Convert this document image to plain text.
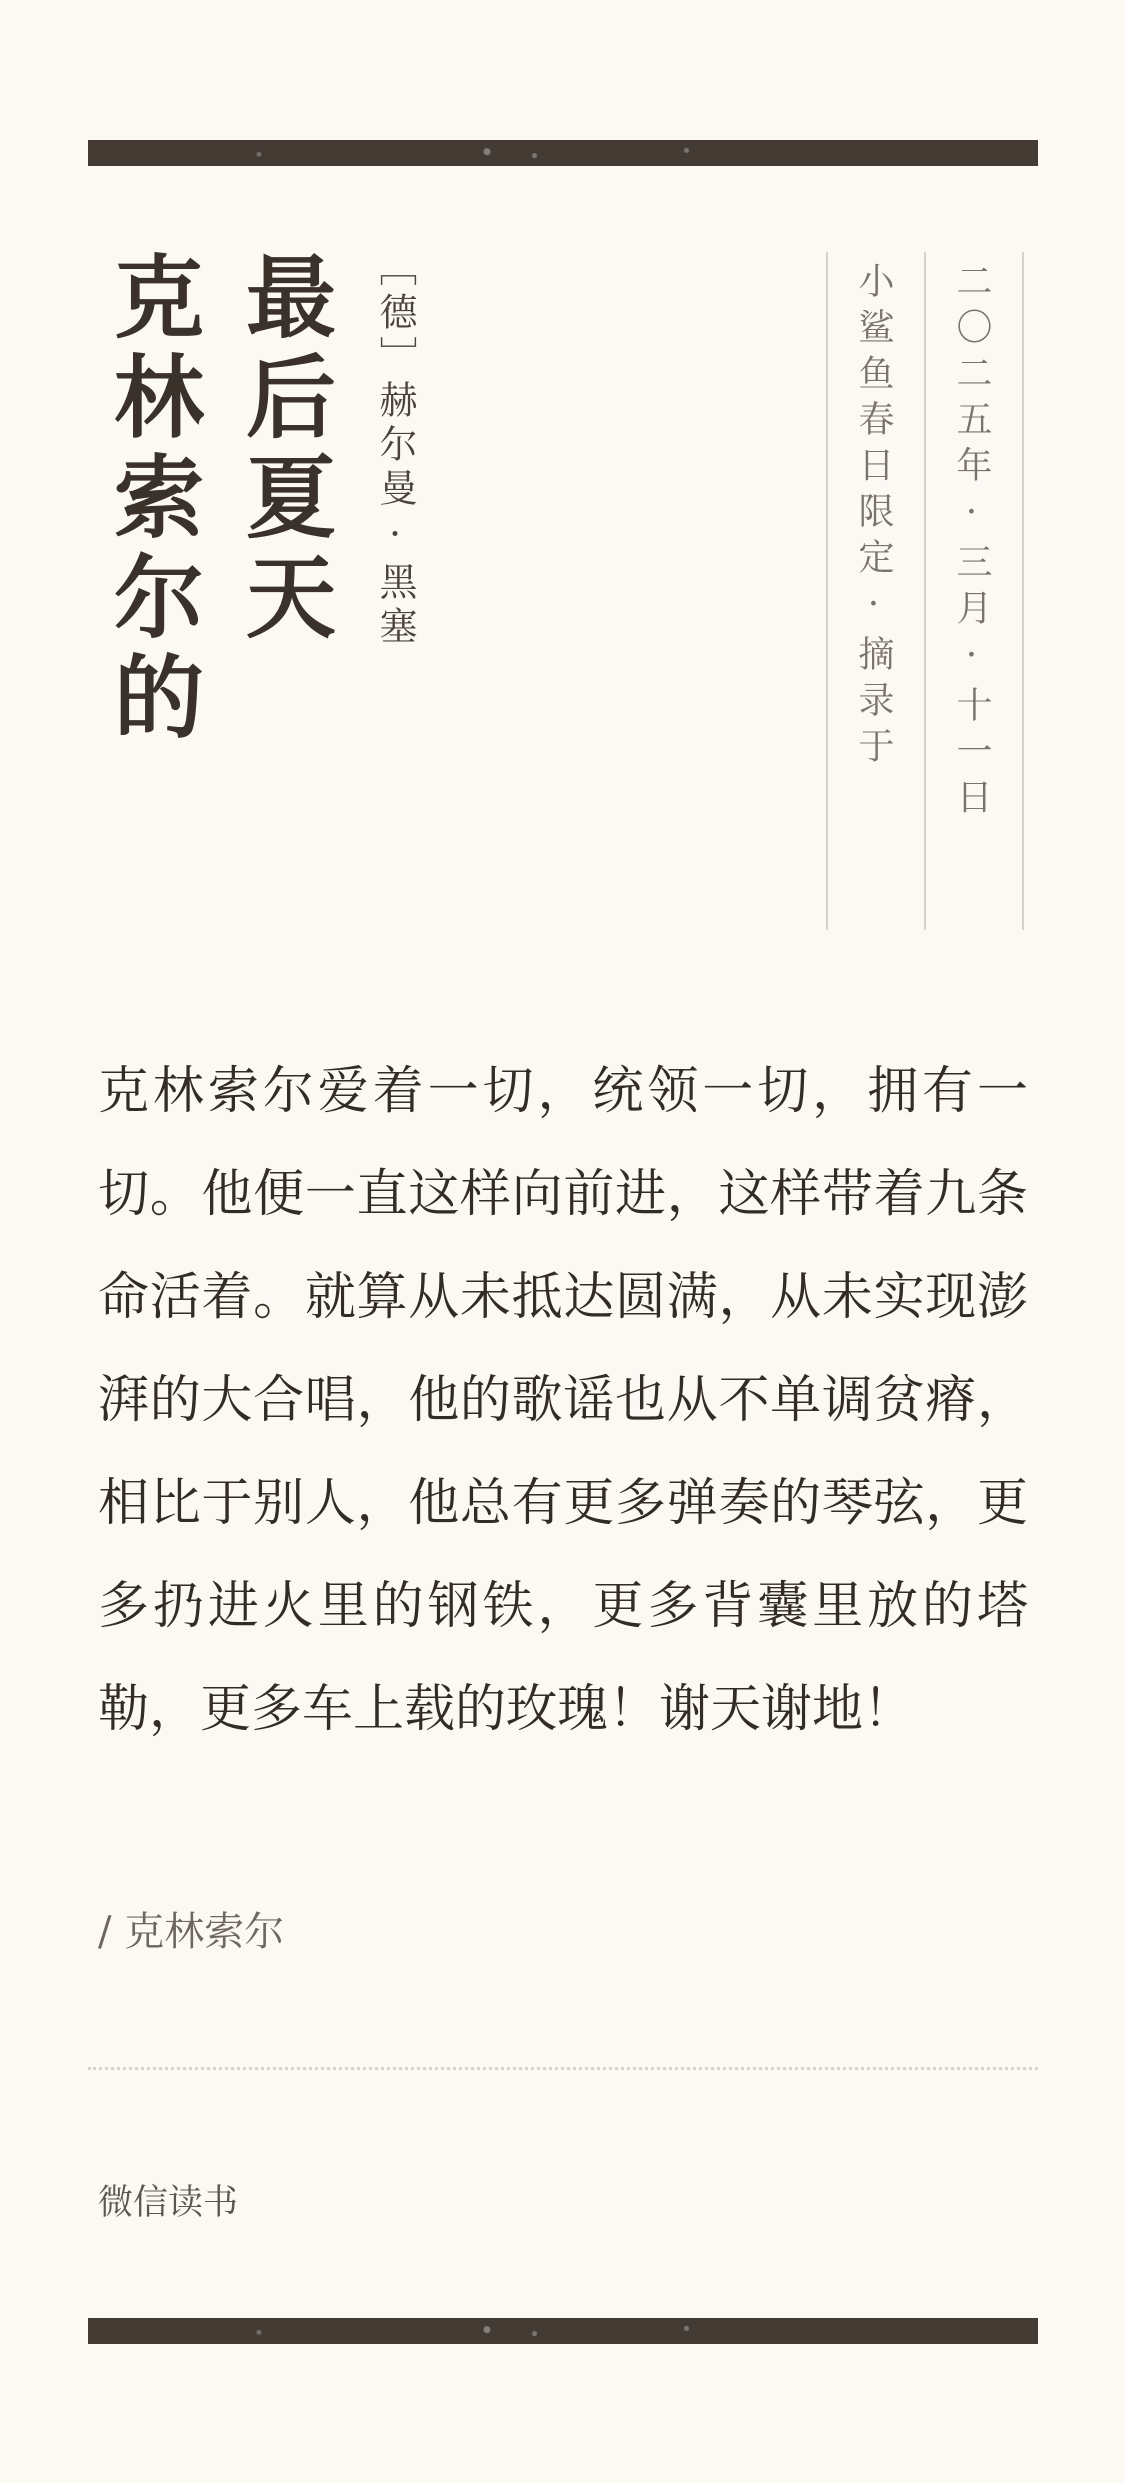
克林索尔的 最后夏天 ［德］赫尔曼·黑塞	二〇二五年·三月·十一日
小鲨鱼春日限定·摘录于

克林索尔爱着一切，统领一切，拥有一切。他便一直这样向前进，这样带着九条命活着。就算从未抵达圆满，从未实现澎湃的大合唱，他的歌谣也从不单调贫瘠，相比于别人，他总有更多弹奏的琴弦，更多扔进火里的钢铁，更多背囊里放的塔勒，更多车上载的玫瑰！谢天谢地！

/ 克林索尔

微信读书
